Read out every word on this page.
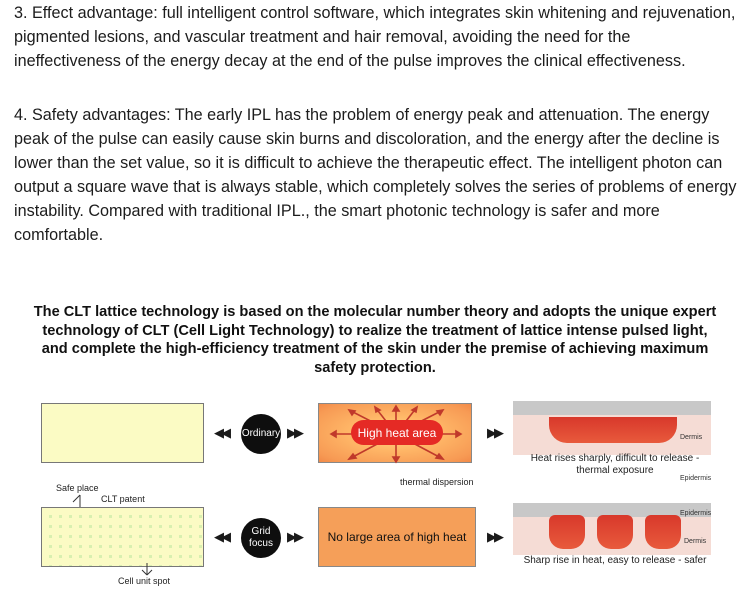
3. Effect advantage: full intelligent control software, which integrates skin whitening and rejuvenation, pigmented lesions, and vascular treatment and hair removal, avoiding the need for the ineffectiveness of the energy decay at the end of the pulse improves the clinical effectiveness.
4. Safety advantages: The early IPL has the problem of energy peak and attenuation. The energy peak of the pulse can easily cause skin burns and discoloration, and the energy after the decline is lower than the set value, so it is difficult to achieve the therapeutic effect. The intelligent photon can output a square wave that is always stable, which completely solves the series of problems of energy instability. Compared with traditional IPL., the smart photonic technology is safer and more comfortable.
The CLT lattice technology is based on the molecular number theory and adopts the unique expert technology of CLT (Cell Light Technology) to realize the treatment of lattice intense pulsed light, and complete the high-efficiency treatment of the skin under the premise of achieving maximum safety protection.
◀◀ Ordinary ▶▶	High heat area	▶▶	Dermis
Heat rises sharply, difficult to release - thermal exposure
Epidermis
thermal dispersion
Safe place
CLT patent
◀◀	Grid
focus	▶▶	No large area of high heat	▶▶
Epidermis
Dermis
Sharp rise in heat, easy to release - safer
Cell unit spot
